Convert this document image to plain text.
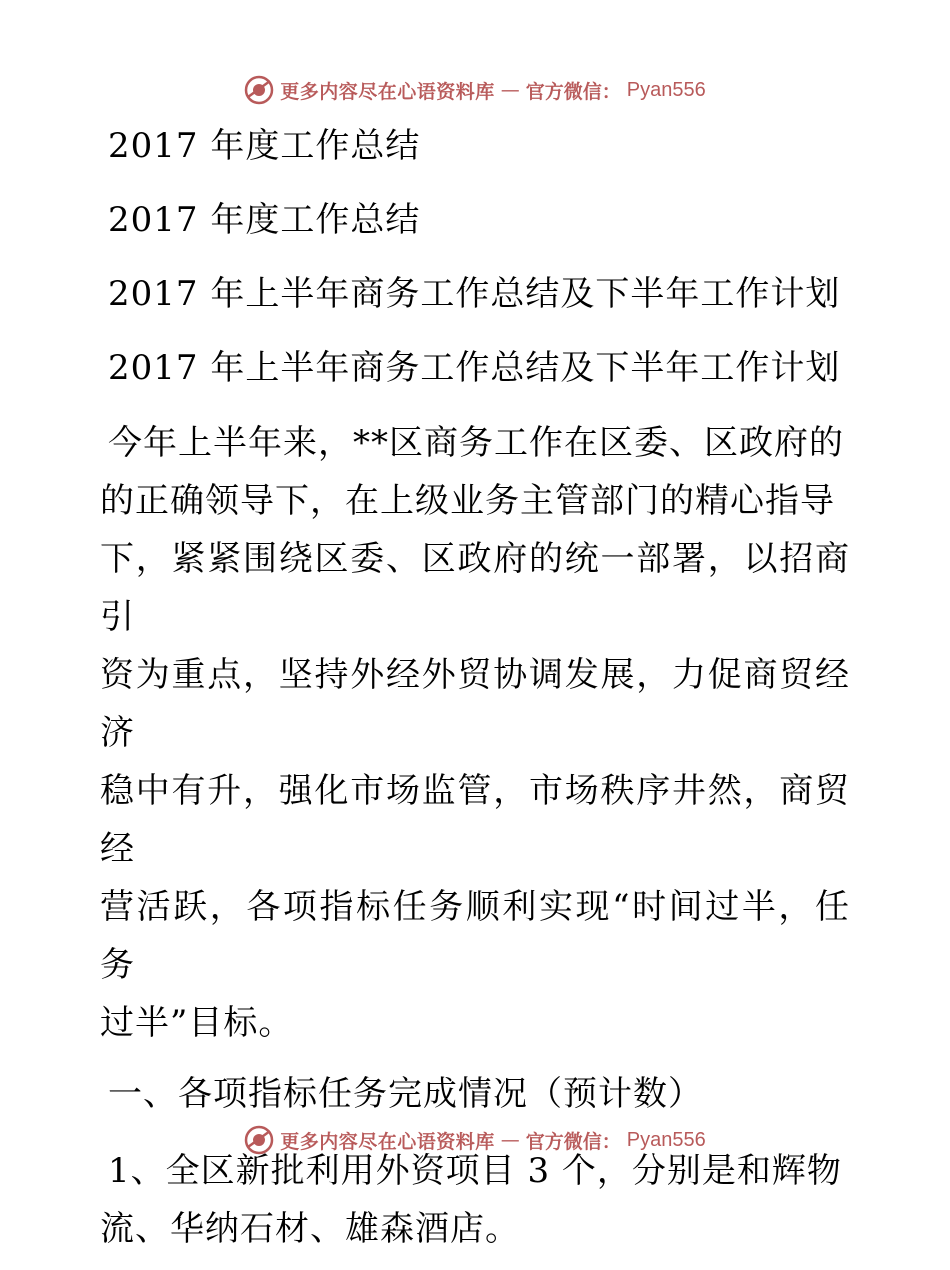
更多内容尽在心语资料库 — 官方微信： Pyan556

2017 年度工作总结

2017 年度工作总结

2017 年上半年商务工作总结及下半年工作计划

2017 年上半年商务工作总结及下半年工作计划

今年上半年来，**区商务工作在区委、区政府的
的正确领导下，在上级业务主管部门的精心指导
下，紧紧围绕区委、区政府的统一部署，以招商引
资为重点，坚持外经外贸协调发展，力促商贸经济
稳中有升，强化市场监管，市场秩序井然，商贸经
营活跃，各项指标任务顺利实现“时间过半，任务
过半”目标。

一、各项指标任务完成情况（预计数）

1、全区新批利用外资项目 3 个，分别是和辉物
流、华纳石材、雄森酒店。
更多内容尽在心语资料库 — 官方微信： Pyan556
